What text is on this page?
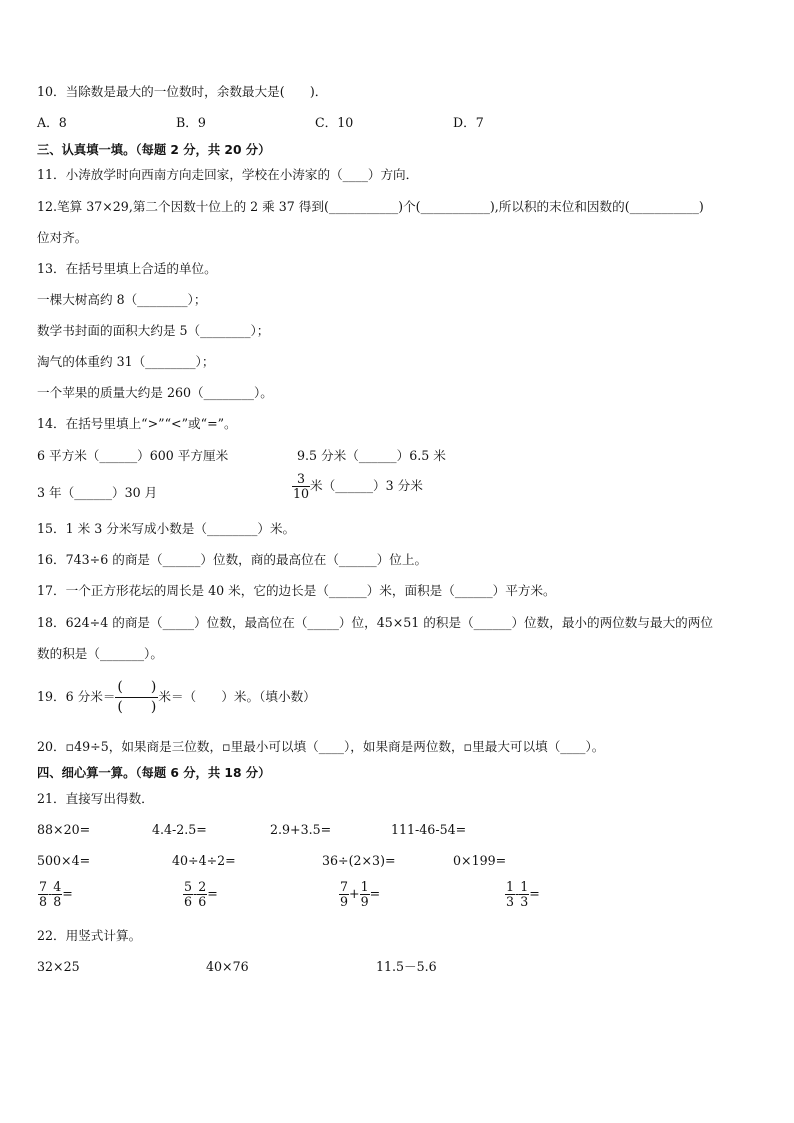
10．当除数是最大的一位数时，余数最大是(　　)．
A．8	B．9	C．10	D．7
三、认真填一填。（每题 2 分，共 20 分）
11．小涛放学时向西南方向走回家，学校在小涛家的（____）方向．
12.笔算 37×29,第二个因数十位上的 2 乘 37 得到(___________)个(___________),所以积的末位和因数的(___________)
位对齐。
13．在括号里填上合适的单位。
一棵大树高约 8（________）；
数学书封面的面积大约是 5（________）；
淘气的体重约 31（________）；
一个苹果的质量大约是 260（________）。
14．在括号里填上“>”“<”或“=”。
6 平方米（______）600 平方厘米	9.5 分米（______）6.5 米
3 年（______）30 月	$\frac{3}{10}$ 米（______）3 分米
15．1 米 3 分米写成小数是（________）米。
16．743÷6 的商是（______）位数，商的最高位在（______）位上。
17．一个正方形花坛的周长是 40 米，它的边长是（______）米，面积是（______）平方米。
18．624÷4 的商是（_____）位数，最高位在（_____）位，45×51 的积是（______）位数，最小的两位数与最大的两位
数的积是（_______）。
19．6 分米＝ $\frac{( )}{( )}$ 米＝（　　）米。（填小数）
20．▫49÷5，如果商是三位数，▫里最小可以填（____），如果商是两位数，▫里最大可以填（____）。
四、细心算一算。（每题 6 分，共 18 分）
21．直接写出得数．
88×20=	4.4-2.5=	2.9+3.5=	111-46-54=
500×4=	40÷4÷2=	36÷(2×3)=	0×199=
$\frac{7}{8} - \frac{4}{8}$ =	$\frac{5}{6} - \frac{2}{6}$ =	$\frac{7}{9} + \frac{1}{9}$ =	$\frac{1}{3} - \frac{1}{3}$ =
22．用竖式计算。
32×25	40×76	11.5－5.6
